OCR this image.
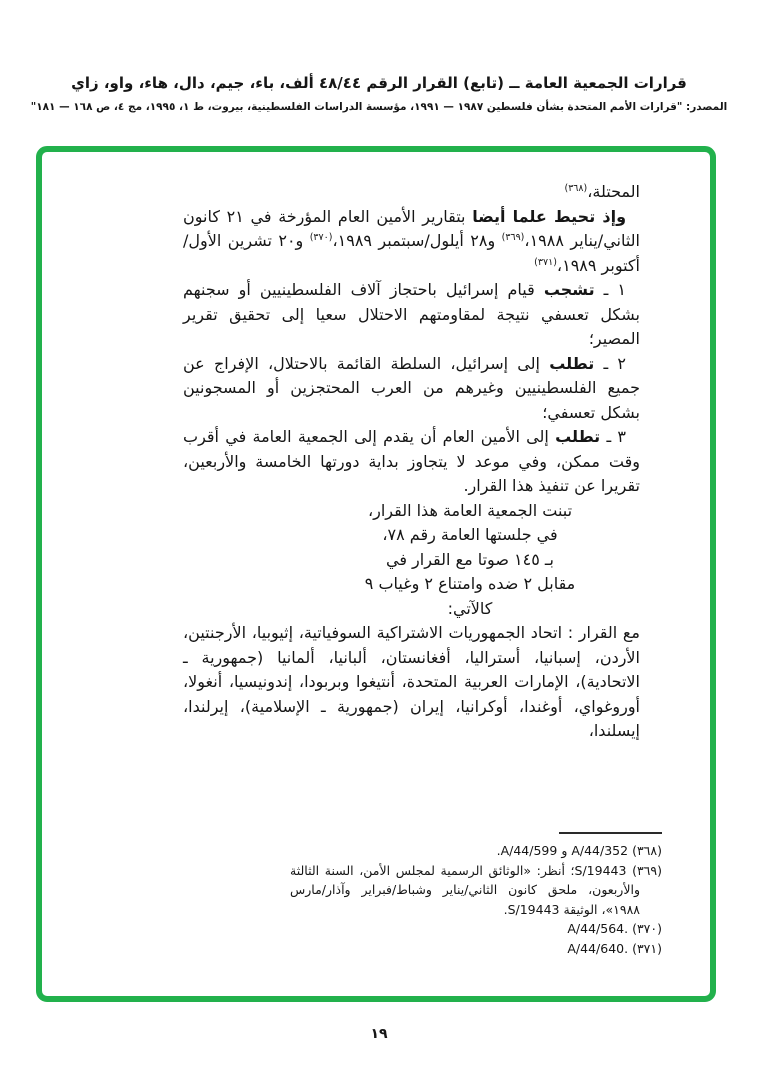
قرارات الجمعية العامة ــ (تابع) القرار الرقم ٤٨/٤٤ ألف، باء، جيم، دال، هاء، واو، زاي
المصدر: "قرارات الأمم المتحدة بشأن فلسطين ١٩٨٧ — ١٩٩١، مؤسسة الدراسات الفلسطينية، بيروت، ط ١، ١٩٩٥، مج ٤، ص ١٦٨ — ١٨١"

المحتلة،$^{(٣٦٨)}$

وإذ تحيط علما أيضا بتقارير الأمين العام المؤرخة في ٢١ كانون الثاني/يناير ١٩٨٨،$^{(٣٦٩)}$ و٢٨ أيلول/سبتمبر ١٩٨٩،$^{(٣٧٠)}$ و٢٠ تشرين الأول/أكتوبر ١٩٨٩،$^{(٣٧١)}$

١ ـ تشجب قيام إسرائيل باحتجاز آلاف الفلسطينيين أو سجنهم بشكل تعسفي نتيجة لمقاومتهم الاحتلال سعيا إلى تحقيق تقرير المصير؛

٢ ـ تطلب إلى إسرائيل، السلطة القائمة بالاحتلال، الإفراج عن جميع الفلسطينيين وغيرهم من العرب المحتجزين أو المسجونين بشكل تعسفي؛

٣ ـ تطلب إلى الأمين العام أن يقدم إلى الجمعية العامة في أقرب وقت ممكن، وفي موعد لا يتجاوز بداية دورتها الخامسة والأربعين، تقريرا عن تنفيذ هذا القرار.

تبنت الجمعية العامة هذا القرار،
في جلستها العامة رقم ٧٨،
بـ ١٤٥ صوتا مع القرار في
مقابل ٢ ضده وامتناع ٢ وغياب ٩
كالآتي:

مع القرار : اتحاد الجمهوريات الاشتراكية السوفياتية، إثيوبيا، الأرجنتين، الأردن، إسبانيا، أستراليا، أفغانستان، ألبانيا، ألمانيا (جمهورية ـ الاتحادية)، الإمارات العربية المتحدة، أنتيغوا وبربودا، إندونيسيا، أنغولا، أوروغواي، أوغندا، أوكرانيا، إيران (جمهورية ـ الإسلامية)، إيرلندا، إيسلندا،

(٣٦٨) A/44/352 و A/44/599.

(٣٦٩) S/19443؛ أنظر: «الوثائق الرسمية لمجلس الأمن، السنة الثالثة والأربعون، ملحق كانون الثاني/يناير وشباط/فبراير وآذار/مارس ١٩٨٨»، الوثيقة S/19443.

(٣٧٠) A/44/564.

(٣٧١) A/44/640.

١٩
